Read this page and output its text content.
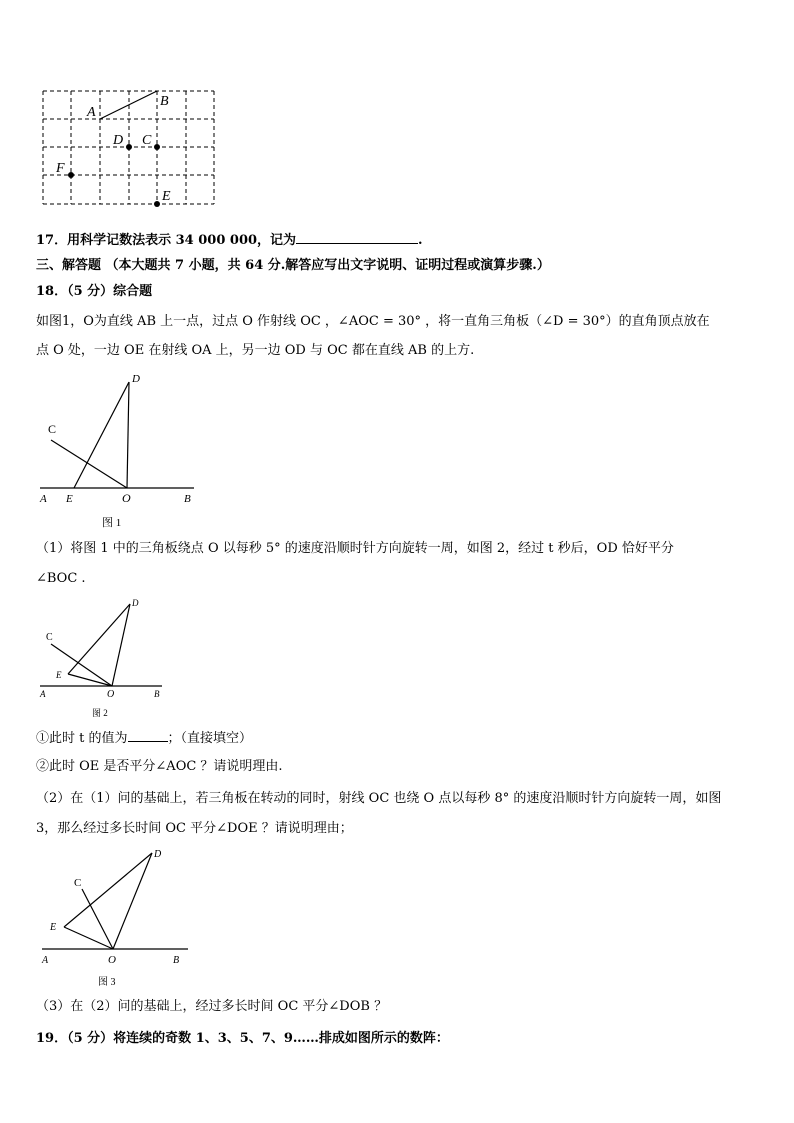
A
B
D C
F
E
17．用科学记数法表示 34 000 000，记为	.
三、解答题 （本大题共 7 小题，共 64 分.解答应写出文字说明、证明过程或演算步骤.）
18．（5 分）综合题
如图1，O为直线 AB 上一点，过点 O 作射线 OC ，∠AOC = 30° ，将一直角三角板（∠D = 30°）的直角顶点放在
点 O 处，一边 OE 在射线 OA 上，另一边 OD 与 OC 都在直线 AB 的上方.
D
C
A E	O	B
图 1
（1）将图 1 中的三角板绕点 O 以每秒 5° 的速度沿顺时针方向旋转一周，如图 2，经过 t 秒后，OD 恰好平分
∠BOC .
D
C
E
A	O	B
图 2
①此时 t 的值为	；（直接填空）
②此时 OE 是否平分∠AOC ？请说明理由.
（2）在（1）问的基础上，若三角板在转动的同时，射线 OC 也绕 O 点以每秒 8° 的速度沿顺时针方向旋转一周，如图
3，那么经过多长时间 OC 平分∠DOE ？请说明理由；
D
C
E
A	O	B
图 3
（3）在（2）问的基础上，经过多长时间 OC 平分∠DOB ？
19．（5 分）将连续的奇数 1、3、5、7、9……排成如图所示的数阵：
